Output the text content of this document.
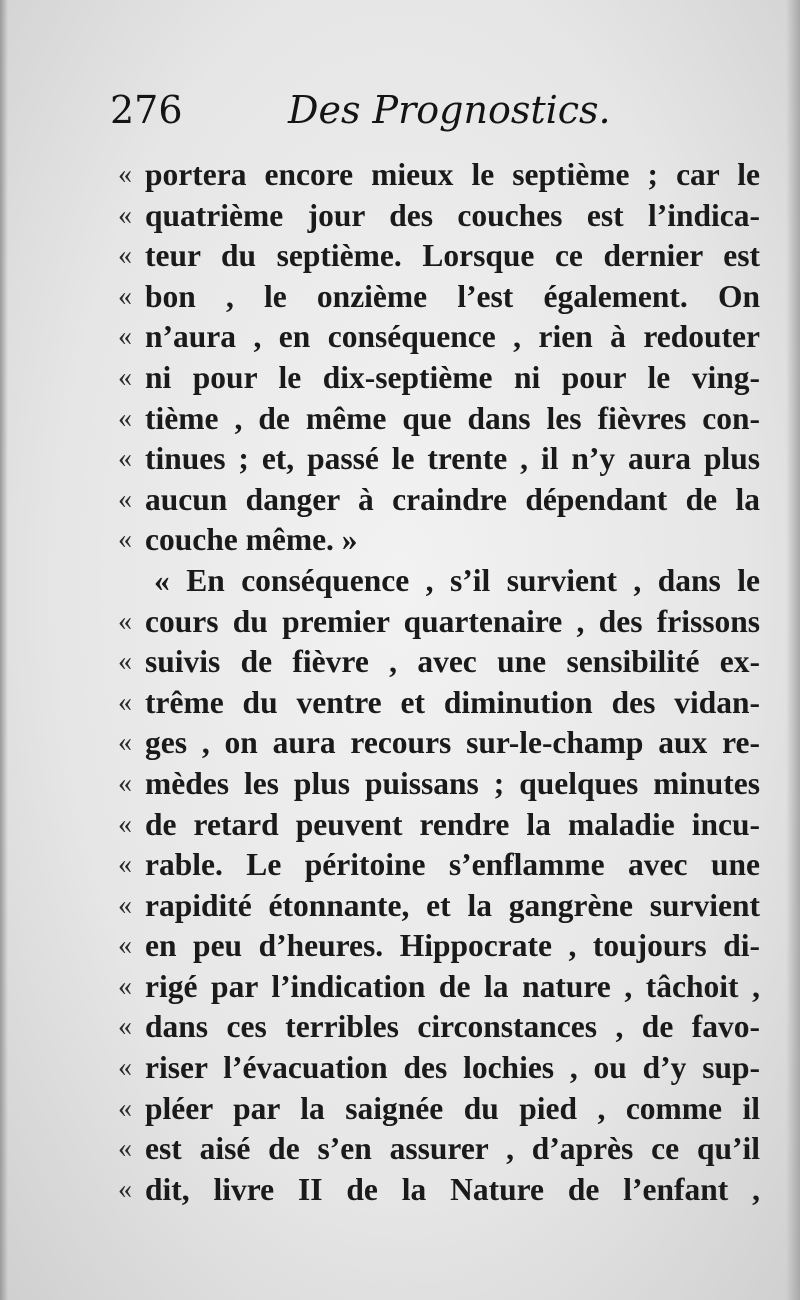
276	Des Prognostics.
« portera encore mieux le septième ; car le
« quatrième jour des couches est l’indica-
« teur du septième. Lorsque ce dernier est
« bon , le onzième l’est également. On
« n’aura , en conséquence , rien à redouter
« ni pour le dix-septième ni pour le ving-
« tième , de même que dans les fièvres con-
« tinues ; et, passé le trente , il n’y aura plus
« aucun danger à craindre dépendant de la
« couche même. »
« En conséquence , s’il survient , dans le
« cours du premier quartenaire , des frissons
« suivis de fièvre , avec une sensibilité ex-
« trême du ventre et diminution des vidan-
« ges , on aura recours sur-le-champ aux re-
« mèdes les plus puissans ; quelques minutes
« de retard peuvent rendre la maladie incu-
« rable. Le péritoine s’enflamme avec une
« rapidité étonnante, et la gangrène survient
« en peu d’heures. Hippocrate , toujours di-
« rigé par l’indication de la nature , tâchoit ,
« dans ces terribles circonstances , de favo-
« riser l’évacuation des lochies , ou d’y sup-
« pléer par la saignée du pied , comme il
« est aisé de s’en assurer , d’après ce qu’il
« dit, livre II de la Nature de l’enfant ,
